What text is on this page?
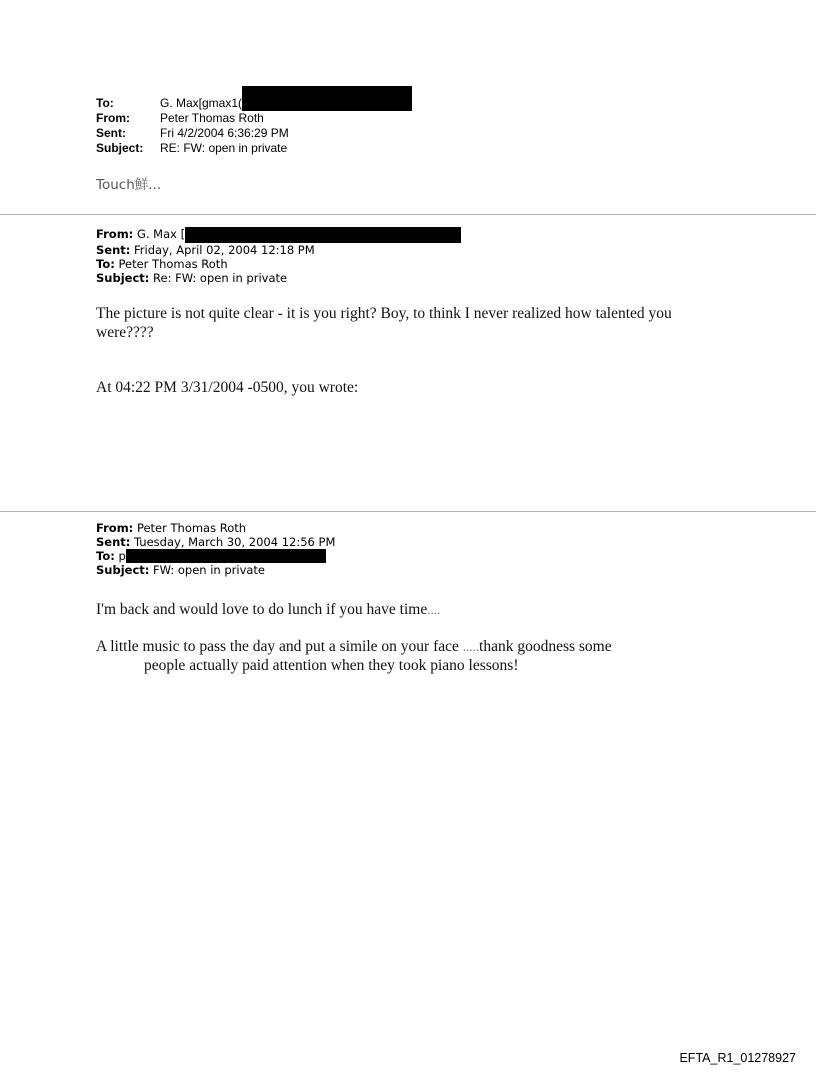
To:	G. Max[gmax1(
From:	Peter Thomas Roth
Sent:	Fri 4/2/2004 6:36:29 PM
Subject:	RE: FW: open in private
Touch鮮...
From: G. Max [
Sent: Friday, April 02, 2004 12:18 PM
To: Peter Thomas Roth
Subject: Re: FW: open in private
The picture is not quite clear - it is you right? Boy, to think I never realized how talented you
were????
At 04:22 PM 3/31/2004 -0500, you wrote:
From: Peter Thomas Roth
Sent: Tuesday, March 30, 2004 12:56 PM
To: p
Subject: FW: open in private
I'm back and would love to do lunch if you have time....
A little music to pass the day and put a simile on your face .....thank goodness some
people actually paid attention when they took piano lessons!
EFTA_R1_01278927
